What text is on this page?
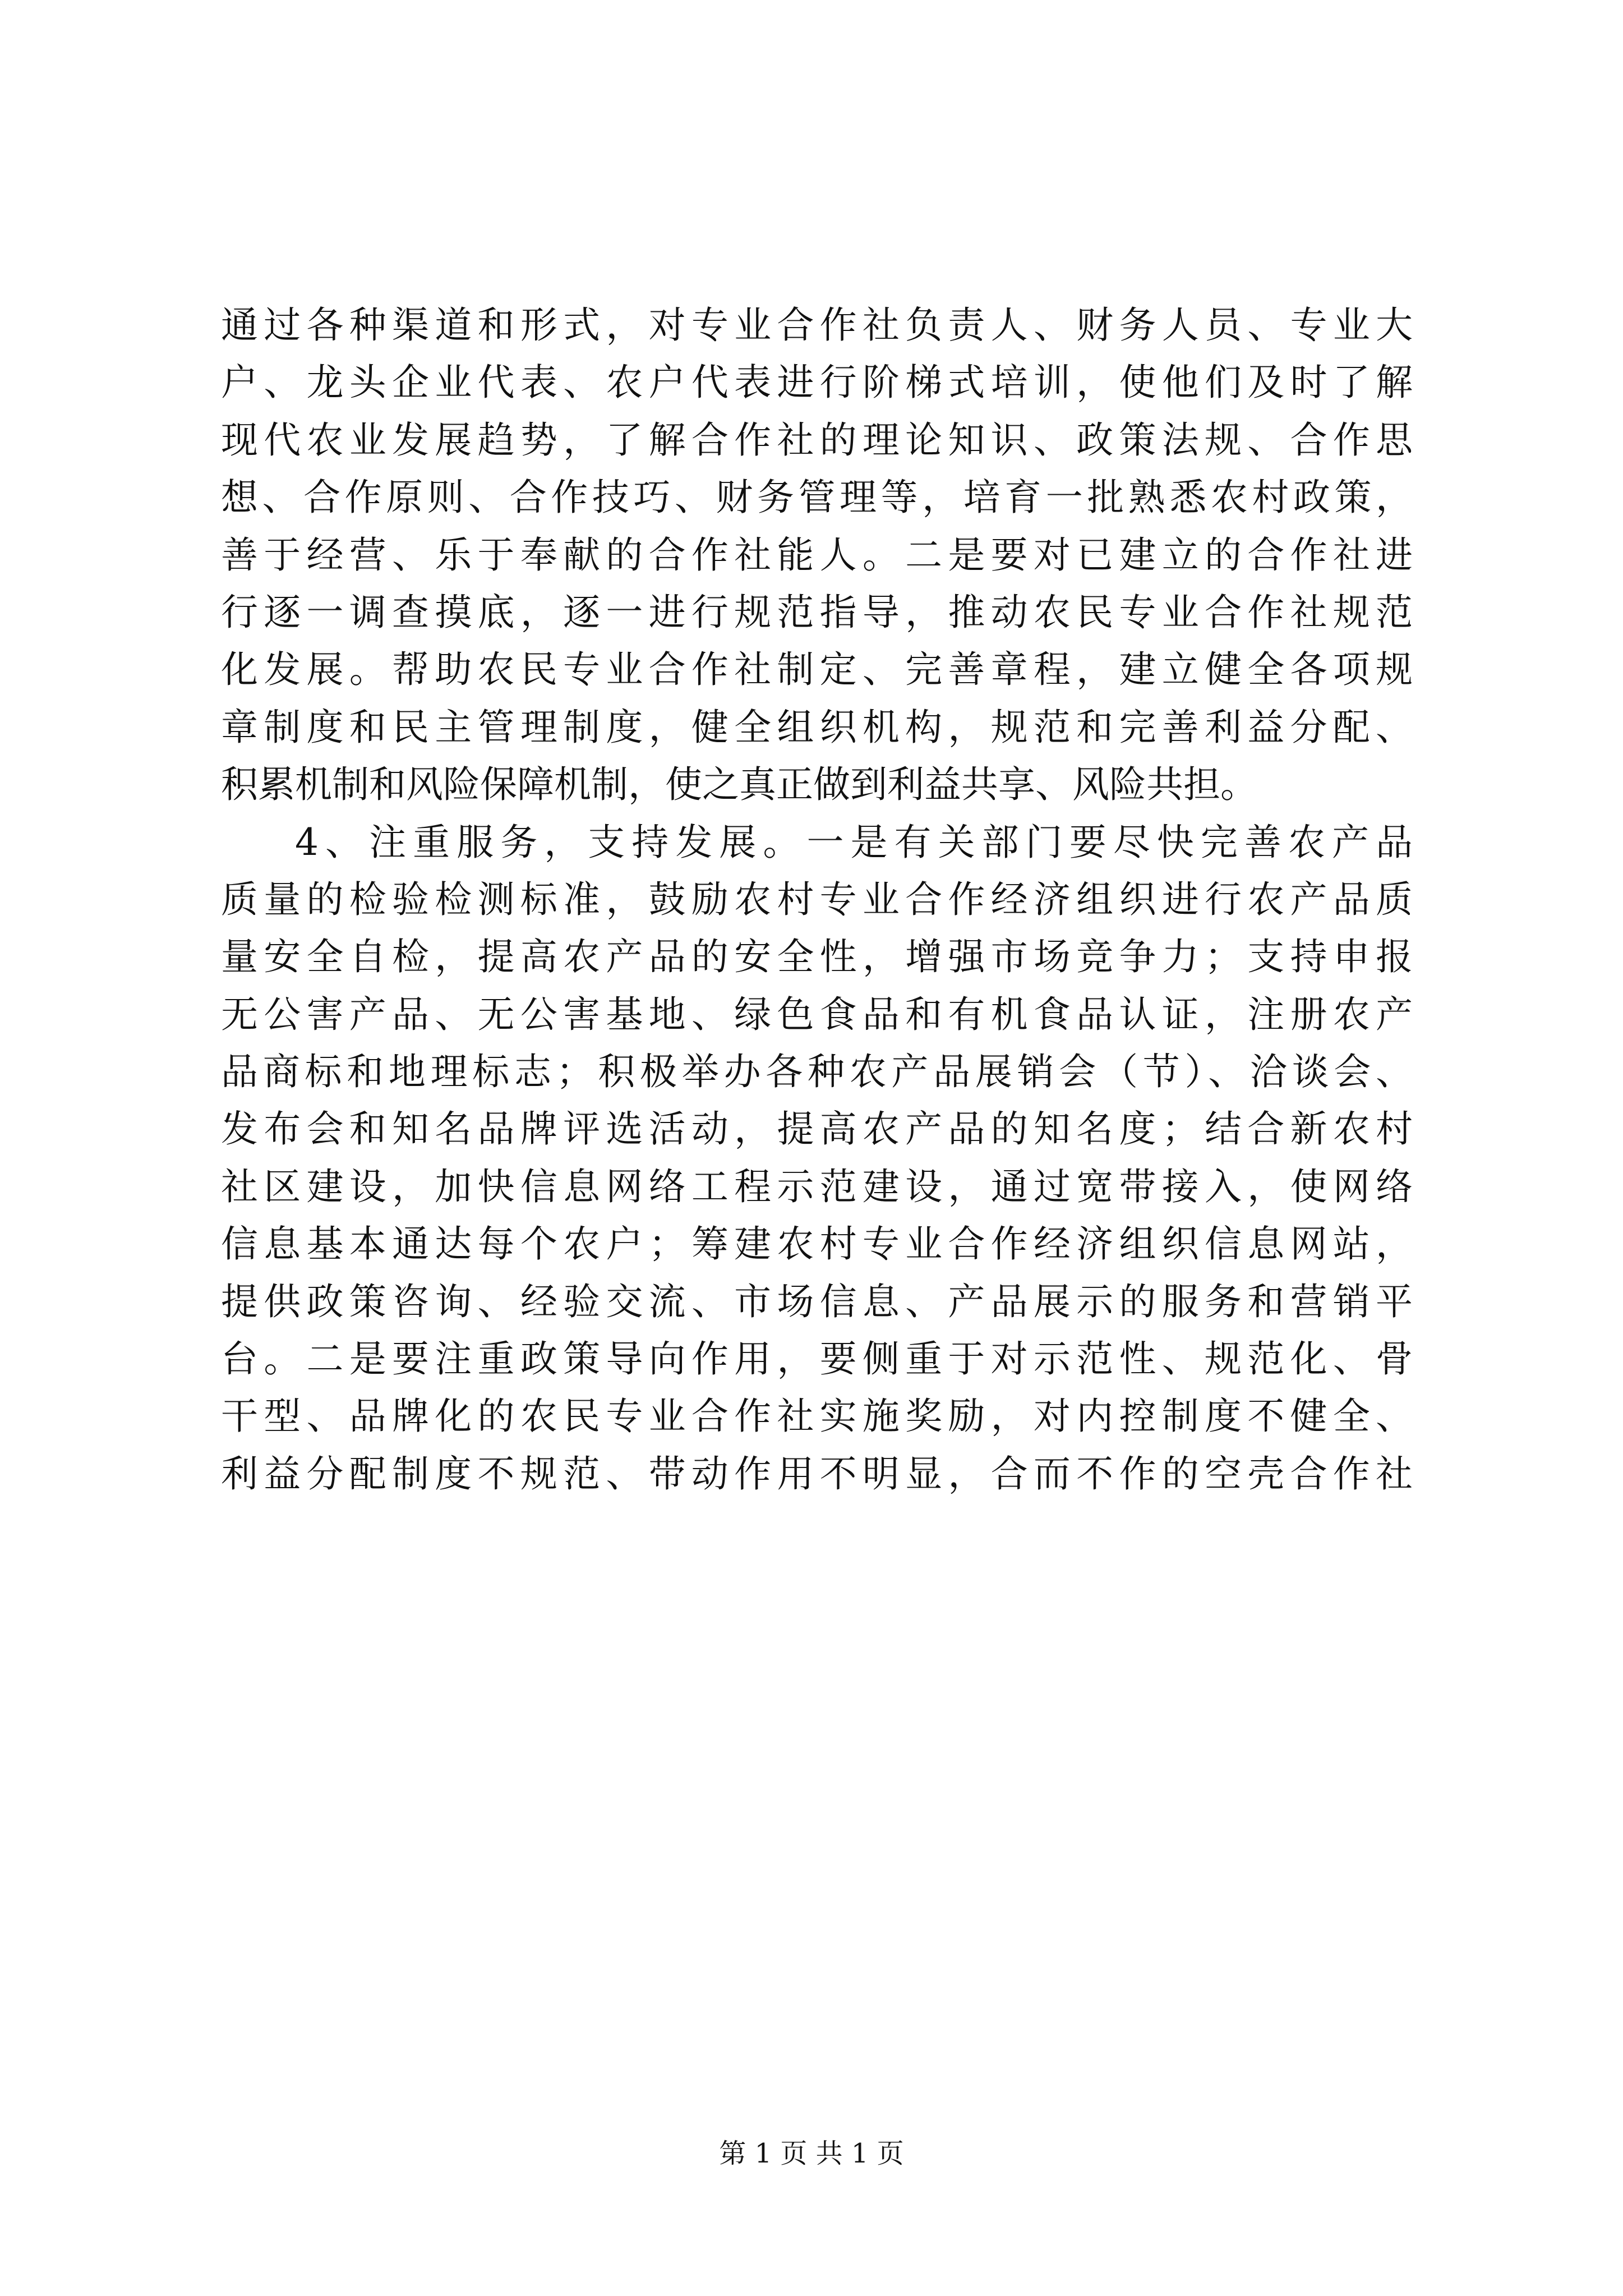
通过各种渠道和形式，对专业合作社负责人、财务人员、专业大
户、龙头企业代表、农户代表进行阶梯式培训，使他们及时了解
现代农业发展趋势，了解合作社的理论知识、政策法规、合作思
想、合作原则、合作技巧、财务管理等，培育一批熟悉农村政策，
善于经营、乐于奉献的合作社能人。二是要对已建立的合作社进
行逐一调查摸底，逐一进行规范指导，推动农民专业合作社规范
化发展。帮助农民专业合作社制定、完善章程，建立健全各项规
章制度和民主管理制度，健全组织机构，规范和完善利益分配、
积累机制和风险保障机制，使之真正做到利益共享、风险共担。
4、注重服务，支持发展。一是有关部门要尽快完善农产品
质量的检验检测标准，鼓励农村专业合作经济组织进行农产品质
量安全自检，提高农产品的安全性，增强市场竞争力；支持申报
无公害产品、无公害基地、绿色食品和有机食品认证，注册农产
品商标和地理标志；积极举办各种农产品展销会（节）、洽谈会、
发布会和知名品牌评选活动，提高农产品的知名度；结合新农村
社区建设，加快信息网络工程示范建设，通过宽带接入，使网络
信息基本通达每个农户；筹建农村专业合作经济组织信息网站，
提供政策咨询、经验交流、市场信息、产品展示的服务和营销平
台。二是要注重政策导向作用，要侧重于对示范性、规范化、骨
干型、品牌化的农民专业合作社实施奖励，对内控制度不健全、
利益分配制度不规范、带动作用不明显，合而不作的空壳合作社
第 1 页 共 1 页
